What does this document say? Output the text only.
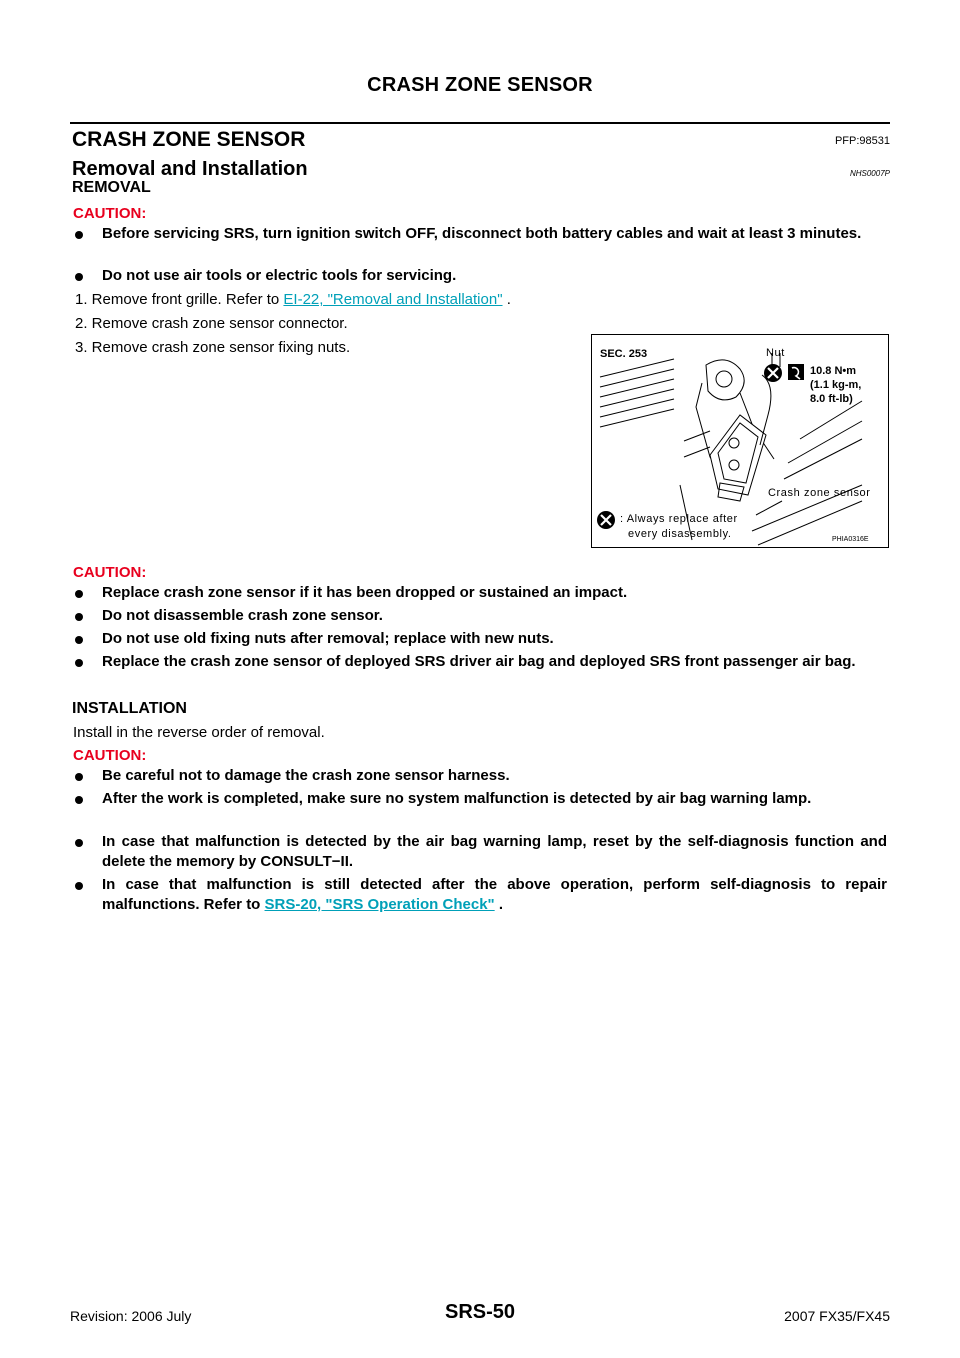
CRASH ZONE SENSOR
CRASH ZONE SENSOR	PFP:98531
Removal and Installation	NHS0007P
REMOVAL
CAUTION:
Before servicing SRS, turn ignition switch OFF, disconnect both battery cables and wait at least 3 minutes.
Do not use air tools or electric tools for servicing.
1. Remove front grille. Refer to EI-22, "Removal and Installation" .
2. Remove crash zone sensor connector.
3. Remove crash zone sensor fixing nuts.	SEC. 253	Nut
10.8 N•m
(1.1 kg-m,
8.0 ft-lb)
Crash zone sensor
: Always replace after
every disassembly.	PHIA0316E
CAUTION:
Replace crash zone sensor if it has been dropped or sustained an impact.
Do not disassemble crash zone sensor.
Do not use old fixing nuts after removal; replace with new nuts.
Replace the crash zone sensor of deployed SRS driver air bag and deployed SRS front passenger air bag.
INSTALLATION
Install in the reverse order of removal.
CAUTION:
Be careful not to damage the crash zone sensor harness.
After the work is completed, make sure no system malfunction is detected by air bag warning lamp.
In case that malfunction is detected by the air bag warning lamp, reset by the self-diagnosis function and delete the memory by CONSULT−II.
In case that malfunction is still detected after the above operation, perform self-diagnosis to repair malfunctions. Refer to SRS-20, "SRS Operation Check" .
Revision: 2006 July	SRS-50	2007 FX35/FX45
